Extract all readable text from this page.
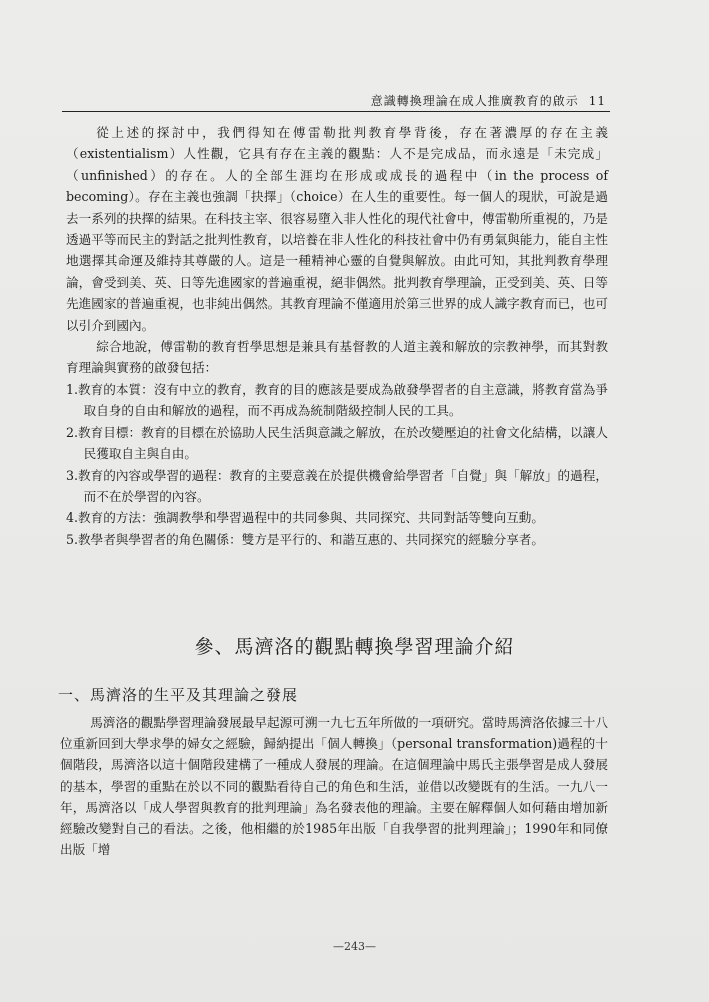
意識轉換理論在成人推廣教育的啟示 11

從上述的探討中，我們得知在傅雷勒批判教育學背後，存在著濃厚的存在主義（existentialism）人性觀，它具有存在主義的觀點：人不是完成品，而永遠是「未完成」（unfinished）的存在。人的全部生涯均在形成或成長的過程中（in the process of becoming）。存在主義也強調「抉擇」（choice）在人生的重要性。每一個人的現狀，可說是過去一系列的抉擇的結果。在科技主宰、很容易墮入非人性化的現代社會中，傅雷勒所重視的，乃是透過平等而民主的對話之批判性教育，以培養在非人性化的科技社會中仍有勇氣與能力，能自主性地選擇其命運及維持其尊嚴的人。這是一種精神心靈的自覺與解放。由此可知，其批判教育學理論，會受到美、英、日等先進國家的普遍重視，絕非偶然。批判教育學理論，正受到美、英、日等先進國家的普遍重視，也非純出偶然。其教育理論不僅適用於第三世界的成人識字教育而已，也可以引介到國內。

綜合地說，傅雷勒的教育哲學思想是兼具有基督教的人道主義和解放的宗教神學，而其對教育理論與實務的啟發包括：

1.教育的本質：沒有中立的教育，教育的目的應該是要成為啟發學習者的自主意識，將教育當為爭取自身的自由和解放的過程，而不再成為統制階級控制人民的工具。

2.教育目標：教育的目標在於協助人民生活與意識之解放，在於改變壓迫的社會文化結構，以讓人民獲取自主與自由。

3.教育的內容或學習的過程：教育的主要意義在於提供機會給學習者「自覺」與「解放」的過程，而不在於學習的內容。

4.教育的方法：強調教學和學習過程中的共同參與、共同探究、共同對話等雙向互動。

5.教學者與學習者的角色關係：雙方是平行的、和諧互惠的、共同探究的經驗分享者。

參、馬濟洛的觀點轉換學習理論介紹
一、馬濟洛的生平及其理論之發展

馬濟洛的觀點學習理論發展最早起源可溯一九七五年所做的一項研究。當時馬濟洛依據三十八位重新回到大學求學的婦女之經驗，歸納提出「個人轉換」（personal transformation)過程的十個階段，馬濟洛以這十個階段建構了一種成人發展的理論。在這個理論中馬氏主張學習是成人發展的基本，學習的重點在於以不同的觀點看待自己的角色和生活，並借以改變既有的生活。一九八一年，馬濟洛以「成人學習與教育的批判理論」為名發表他的理論。主要在解釋個人如何藉由增加新經驗改變對自己的看法。之後，他相繼的於1985年出版「自我學習的批判理論」；1990年和同僚出版「增

—243—
